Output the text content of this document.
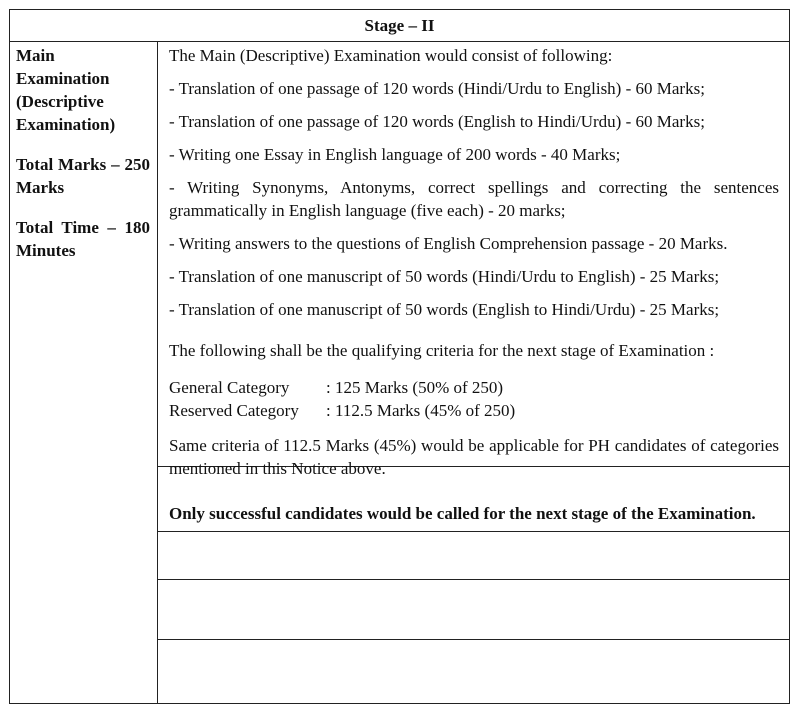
Stage – II
Main Examination (Descriptive Examination)
Total Marks – 250 Marks
Total Time – 180 Minutes

The Main (Descriptive) Examination would consist of following:

- Translation of one passage of 120 words (Hindi/Urdu to English) - 60 Marks;

- Translation of one passage of 120 words (English to Hindi/Urdu) - 60 Marks;

- Writing one Essay in English language of 200 words - 40 Marks;

- Writing Synonyms, Antonyms, correct spellings and correcting the sentences grammatically in English language (five each) - 20 marks;

- Writing answers to the questions of English Comprehension passage - 20 Marks.

- Translation of one manuscript of 50 words (Hindi/Urdu to English) - 25 Marks;

- Translation of one manuscript of 50 words (English to Hindi/Urdu) - 25 Marks;

The following shall be the qualifying criteria for the next stage of Examination :

General Category : 125 Marks (50% of 250)
Reserved Category : 112.5 Marks (45% of 250)

Same criteria of 112.5 Marks (45%) would be applicable for PH candidates of categories mentioned in this Notice above.

Only successful candidates would be called for the next stage of the Examination.
